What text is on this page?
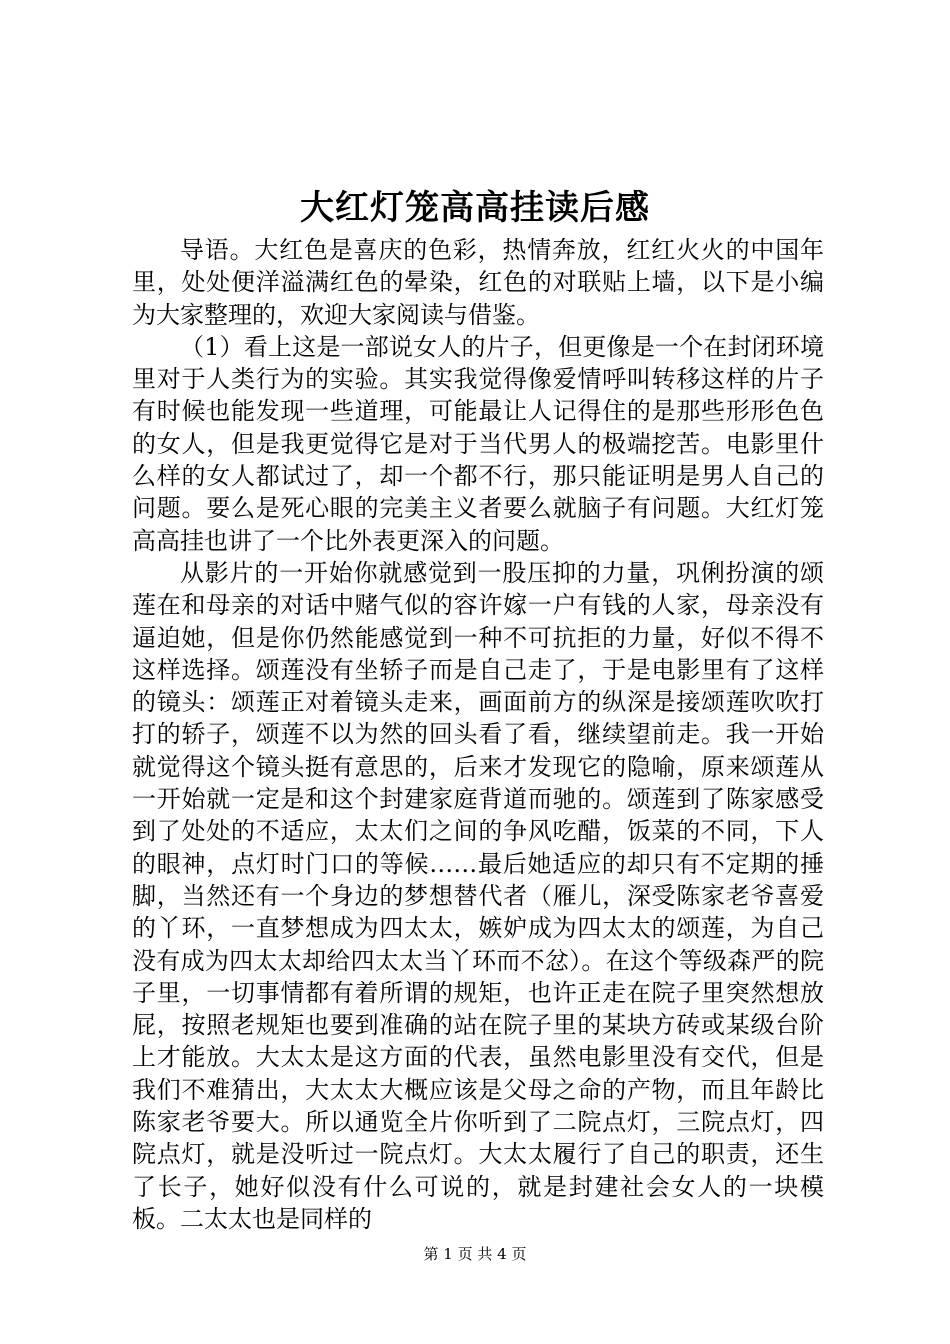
大红灯笼高高挂读后感

导语。大红色是喜庆的色彩，热情奔放，红红火火的中国年里，处处便洋溢满红色的晕染，红色的对联贴上墙，以下是小编为大家整理的，欢迎大家阅读与借鉴。

（1）看上这是一部说女人的片子，但更像是一个在封闭环境里对于人类行为的实验。其实我觉得像爱情呼叫转移这样的片子有时候也能发现一些道理，可能最让人记得住的是那些形形色色的女人，但是我更觉得它是对于当代男人的极端挖苦。电影里什么样的女人都试过了，却一个都不行，那只能证明是男人自己的问题。要么是死心眼的完美主义者要么就脑子有问题。大红灯笼高高挂也讲了一个比外表更深入的问题。

从影片的一开始你就感觉到一股压抑的力量，巩俐扮演的颂莲在和母亲的对话中赌气似的容许嫁一户有钱的人家，母亲没有逼迫她，但是你仍然能感觉到一种不可抗拒的力量，好似不得不这样选择。颂莲没有坐轿子而是自己走了，于是电影里有了这样的镜头：颂莲正对着镜头走来，画面前方的纵深是接颂莲吹吹打打的轿子，颂莲不以为然的回头看了看，继续望前走。我一开始就觉得这个镜头挺有意思的，后来才发现它的隐喻，原来颂莲从一开始就一定是和这个封建家庭背道而驰的。颂莲到了陈家感受到了处处的不适应，太太们之间的争风吃醋，饭菜的不同，下人的眼神，点灯时门口的等候……最后她适应的却只有不定期的捶脚，当然还有一个身边的梦想替代者（雁儿，深受陈家老爷喜爱的丫环，一直梦想成为四太太，嫉妒成为四太太的颂莲，为自己没有成为四太太却给四太太当丫环而不忿）。在这个等级森严的院子里，一切事情都有着所谓的规矩，也许正走在院子里突然想放屁，按照老规矩也要到准确的站在院子里的某块方砖或某级台阶上才能放。大太太是这方面的代表，虽然电影里没有交代，但是我们不难猜出，大太太大概应该是父母之命的产物，而且年龄比陈家老爷要大。所以通览全片你听到了二院点灯，三院点灯，四院点灯，就是没听过一院点灯。大太太履行了自己的职责，还生了长子，她好似没有什么可说的，就是封建社会女人的一块模板。二太太也是同样的

第 1 页 共 4 页
